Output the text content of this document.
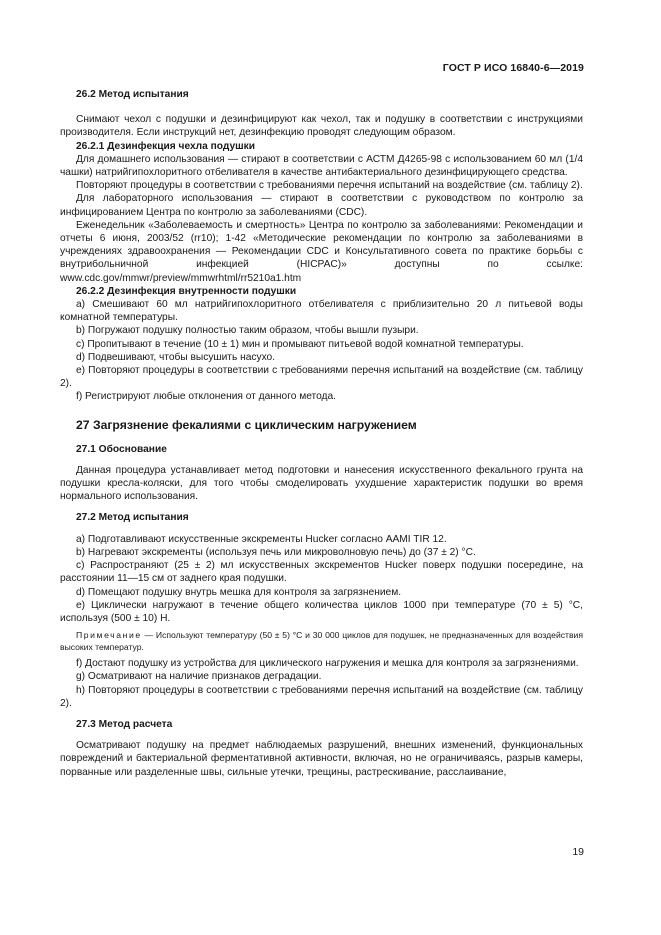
ГОСТ Р ИСО 16840-6—2019

26.2 Метод испытания

Снимают чехол с подушки и дезинфицируют как чехол, так и подушку в соответствии с инструкциями производителя. Если инструкций нет, дезинфекцию проводят следующим образом.

26.2.1 Дезинфекция чехла подушки

Для домашнего использования — стирают в соответствии с АСТМ Д4265-98 с использованием 60 мл (1/4 чашки) натрийгипохлоритного отбеливателя в качестве антибактериального дезинфицирующего средства.

Повторяют процедуры в соответствии с требованиями перечня испытаний на воздействие (см. таблицу 2).

Для лабораторного использования — стирают в соответствии с руководством по контролю за инфицированием Центра по контролю за заболеваниями (CDC).

Еженедельник «Заболеваемость и смертность» Центра по контролю за заболеваниями: Рекомендации и отчеты 6 июня, 2003/52 (rr10); 1-42 «Методические рекомендации по контролю за заболеваниями в учреждениях здравоохранения — Рекомендации CDC и Консультативного совета по практике борьбы с внутрибольничной инфекцией (HICPAC)» доступны по ссылке: www.cdc.gov/mmwr/preview/mmwrhtml/rr5210a1.htm

26.2.2 Дезинфекция внутренности подушки

a) Смешивают 60 мл натрийгипохлоритного отбеливателя с приблизительно 20 л питьевой воды комнатной температуры.

b) Погружают подушку полностью таким образом, чтобы вышли пузыри.

c) Пропитывают в течение (10 ± 1) мин и промывают питьевой водой комнатной температуры.

d) Подвешивают, чтобы высушить насухо.

e) Повторяют процедуры в соответствии с требованиями перечня испытаний на воздействие (см. таблицу 2).

f) Регистрируют любые отклонения от данного метода.

27 Загрязнение фекалиями с циклическим нагружением

27.1 Обоснование

Данная процедура устанавливает метод подготовки и нанесения искусственного фекального грунта на подушки кресла-коляски, для того чтобы смоделировать ухудшение характеристик подушки во время нормального использования.

27.2 Метод испытания

a) Подготавливают искусственные экскременты Hucker согласно AAMI TIR 12.

b) Нагревают экскременты (используя печь или микроволновую печь) до (37 ± 2) °C.

c) Распространяют (25 ± 2) мл искусственных экскрементов Hucker поверх подушки посередине, на расстоянии 11—15 см от заднего края подушки.

d) Помещают подушку внутрь мешка для контроля за загрязнением.

e) Циклически нагружают в течение общего количества циклов 1000 при температуре (70 ± 5) °C, используя (500 ± 10) Н.

Примечание — Используют температуру (50 ± 5) °C и 30 000 циклов для подушек, не предназначенных для воздействия высоких температур.

f) Достают подушку из устройства для циклического нагружения и мешка для контроля за загрязнениями.

g) Осматривают на наличие признаков деградации.

h) Повторяют процедуры в соответствии с требованиями перечня испытаний на воздействие (см. таблицу 2).

27.3 Метод расчета

Осматривают подушку на предмет наблюдаемых разрушений, внешних изменений, функциональных повреждений и бактериальной ферментативной активности, включая, но не ограничиваясь, разрыв камеры, порванные или разделенные швы, сильные утечки, трещины, растрескивание, расслаивание,

19
